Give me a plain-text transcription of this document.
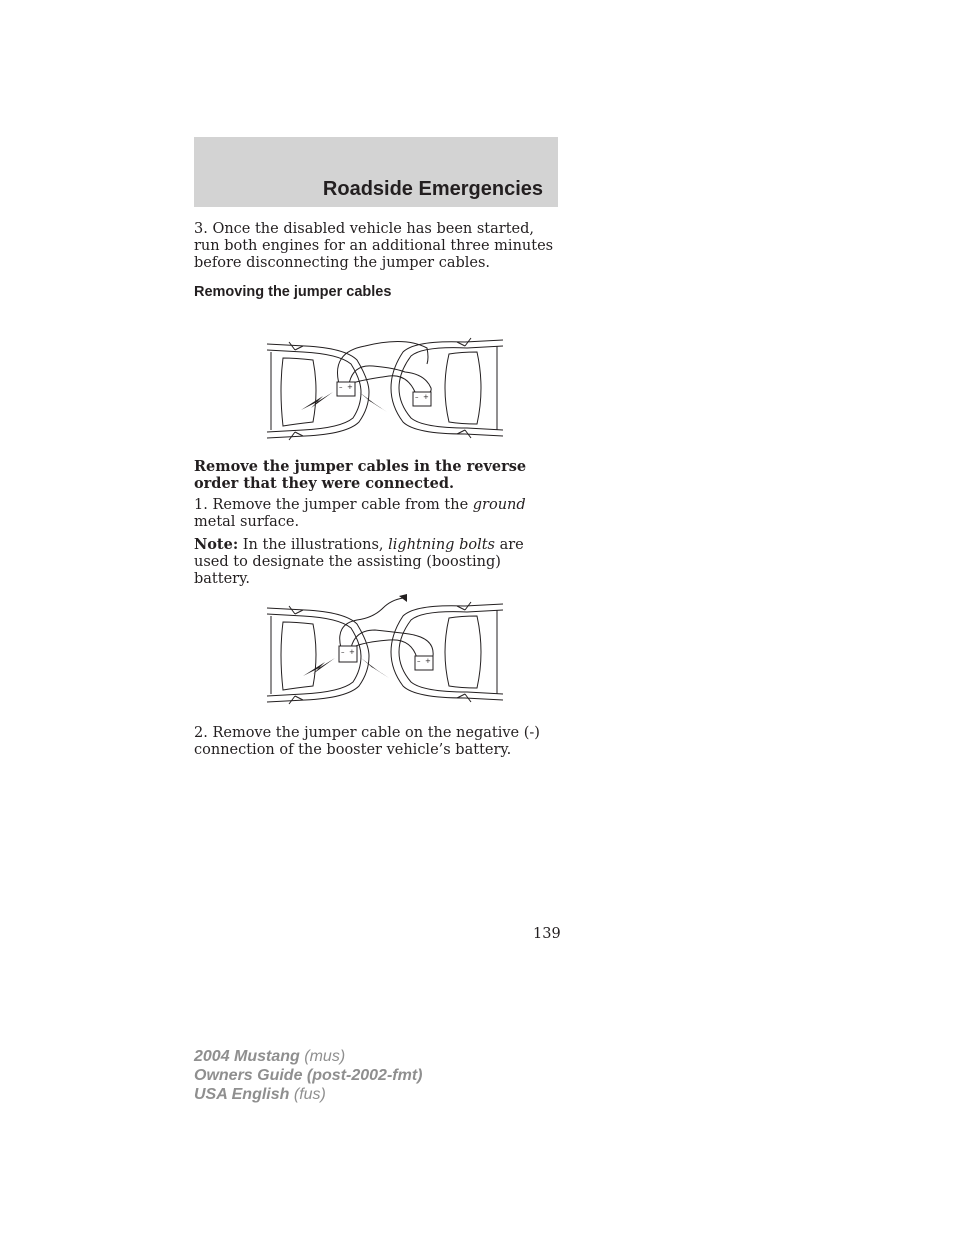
Roadside Emergencies

3. Once the disabled vehicle has been started, run both engines for an additional three minutes before disconnecting the jumper cables.

Removing the jumper cables

– +
– +

Remove the jumper cables in the reverse order that they were connected.

1. Remove the jumper cable from the ground metal surface.

Note: In the illustrations, lightning bolts are used to designate the assisting (boosting) battery.

– +
– +

2. Remove the jumper cable on the negative (-) connection of the booster vehicle’s battery.

139
2004 Mustang (mus)
Owners Guide (post-2002-fmt)
USA English (fus)
